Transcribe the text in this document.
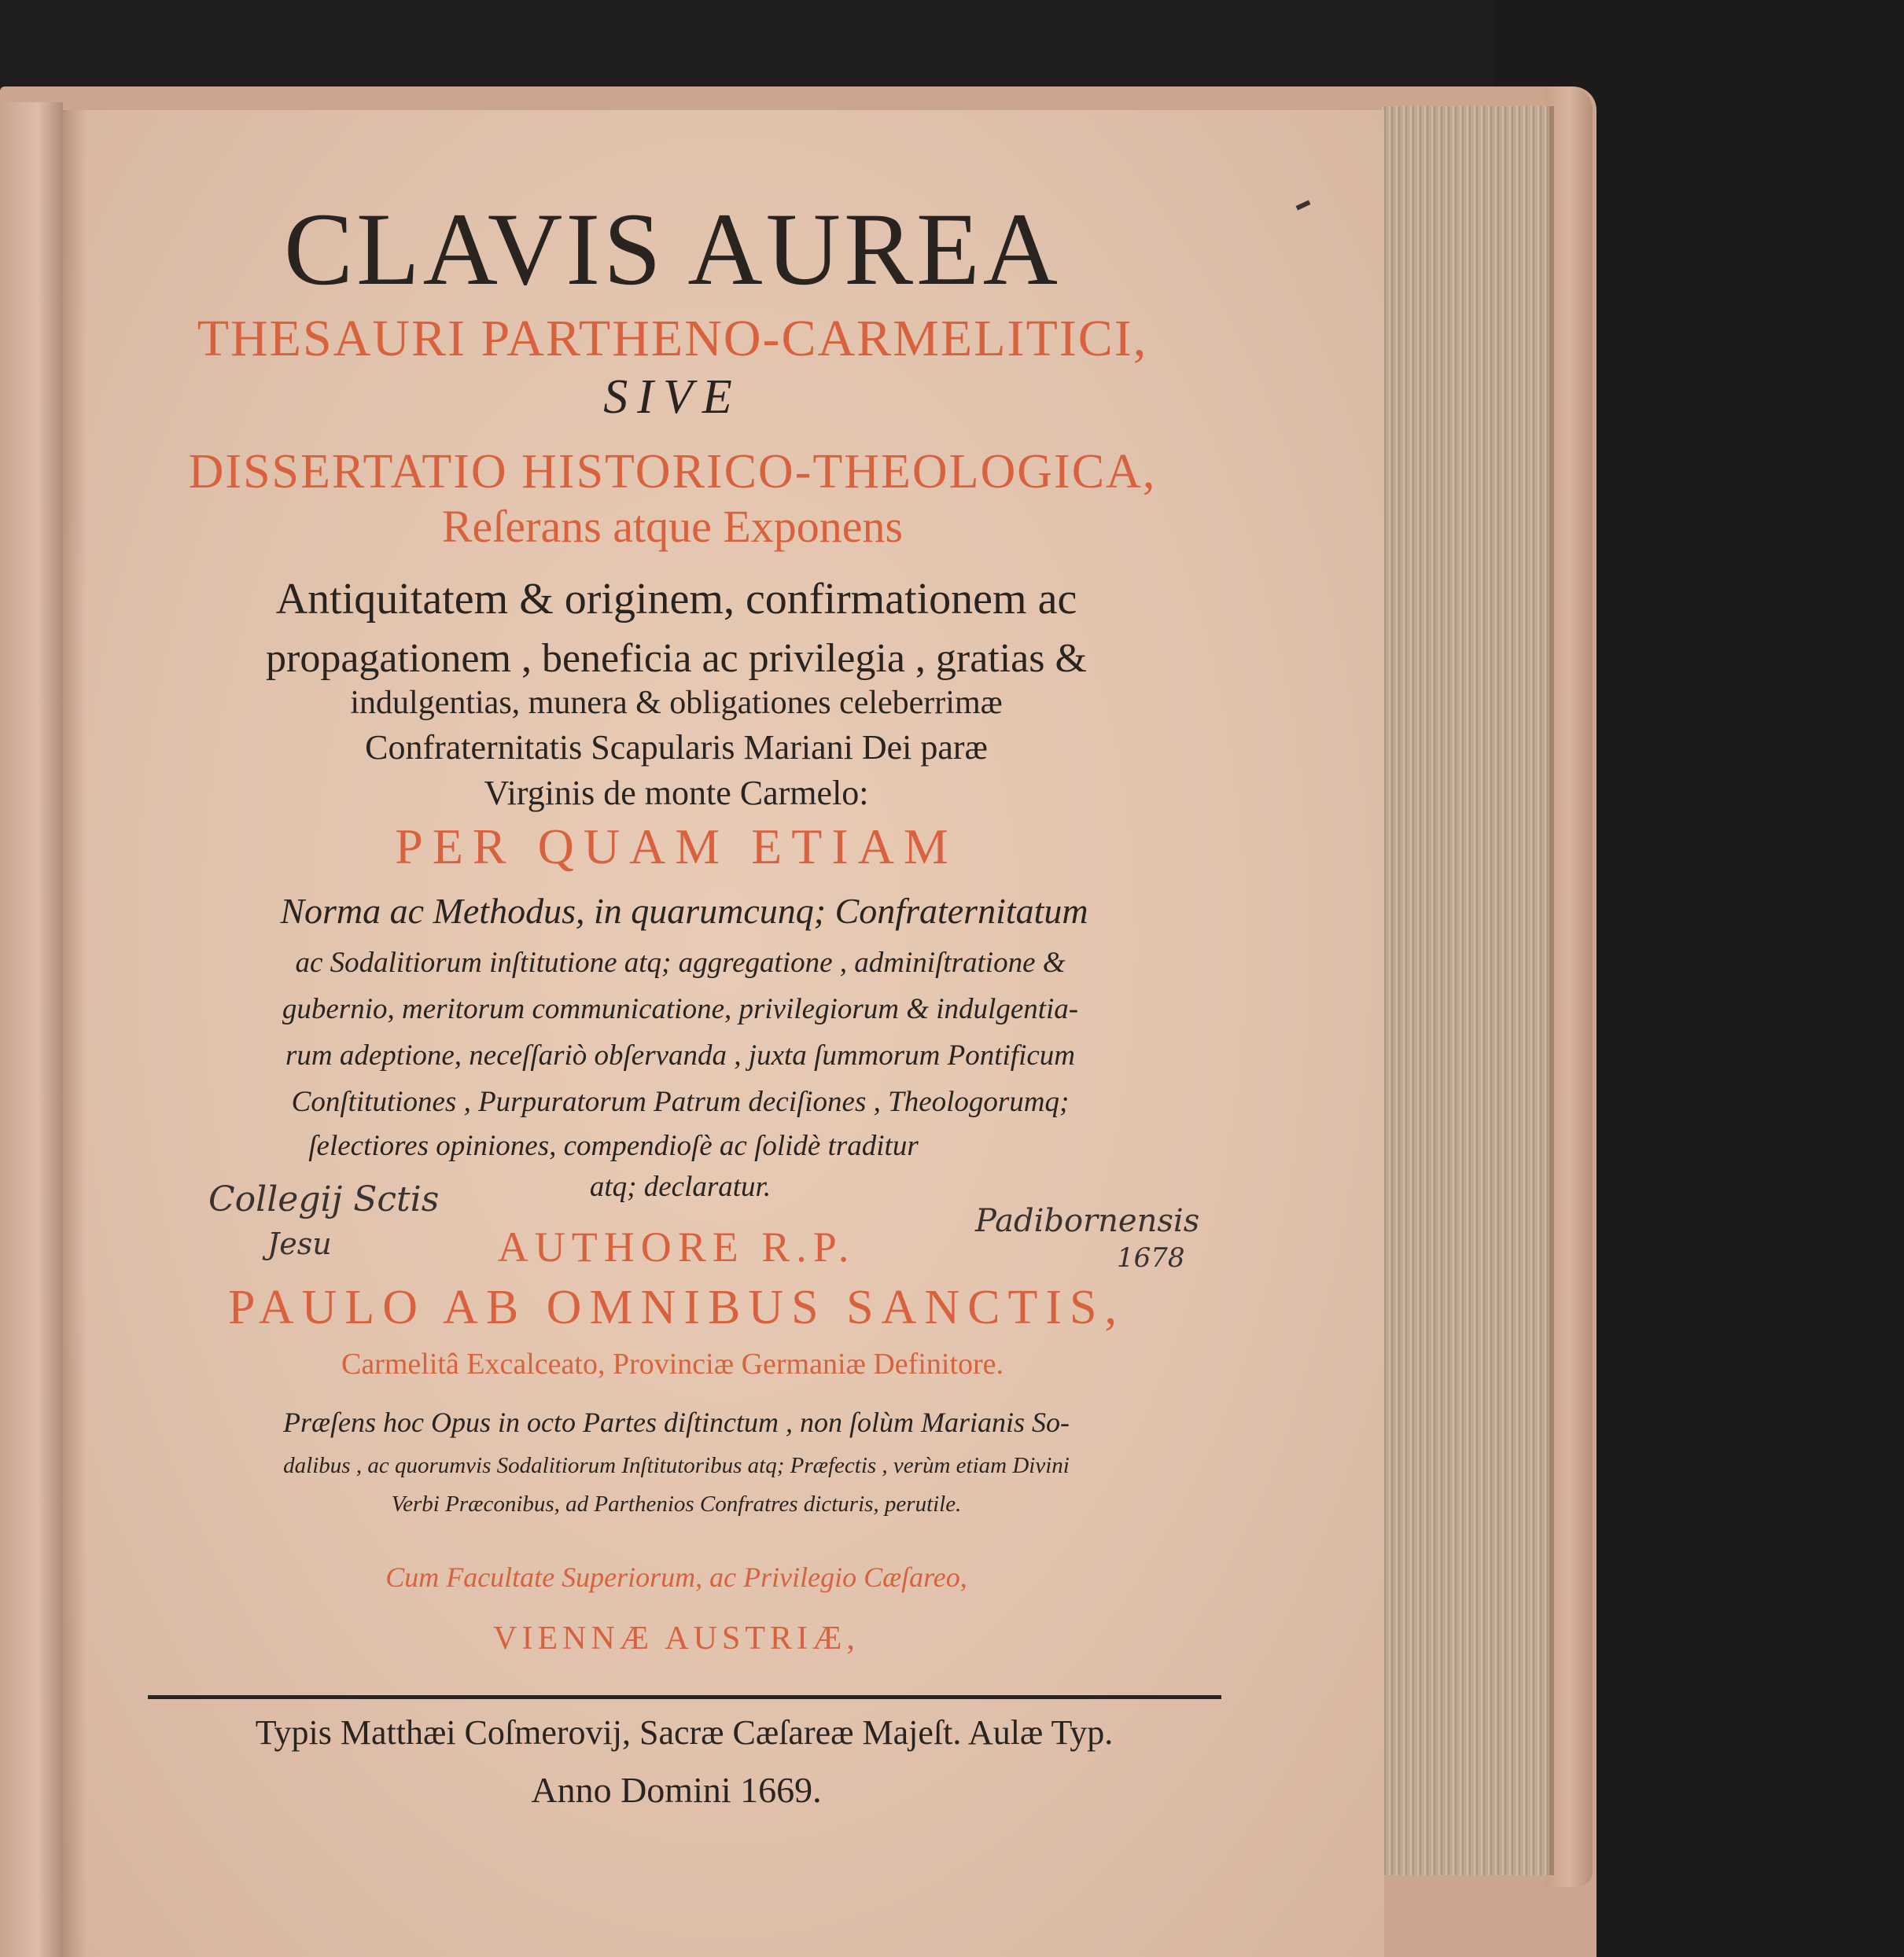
CLAVIS AUREA
THESAURI PARTHENO-CARMELITICI,
SIVE
DISSERTATIO HISTORICO-THEOLOGICA,
Reſerans atque Exponens
Antiquitatem & originem, confirmationem ac
propagationem , beneficia ac privilegia , gratias &
indulgentias, munera & obligationes celeberrimæ
Confraternitatis Scapularis Mariani Dei paræ
Virginis de monte Carmelo:
PER QUAM ETIAM
Norma ac Methodus, in quarumcunq; Confraternitatum
ac Sodalitiorum inſtitutione atq; aggregatione , adminiſtratione &
gubernio, meritorum communicatione, privilegiorum & indulgentia-
rum adeptione, neceſſariò obſervanda , juxta ſummorum Pontificum
Conſtitutiones , Purpuratorum Patrum deciſiones , Theologorumq;
ſelectiores opiniones, compendioſè ac ſolidè traditur
atq; declaratur.
Collegij Sctis
Jesu
Padibornensis
1678
AUTHORE R.P.
PAULO AB OMNIBUS SANCTIS,
Carmelitâ Excalceato, Provinciæ Germaniæ Definitore.
Præſens hoc Opus in octo Partes diſtinctum , non ſolùm Marianis So-
dalibus , ac quorumvis Sodalitiorum Inſtitutoribus atq; Præfectis , verùm etiam Divini
Verbi Præconibus, ad Parthenios Confratres dicturis, perutile.
Cum Facultate Superiorum, ac Privilegio Cæſareo,
VIENNÆ AUSTRIÆ,
Typis Matthæi Coſmerovij, Sacræ Cæſareæ Majeſt. Aulæ Typ.
Anno Domini 1669.
